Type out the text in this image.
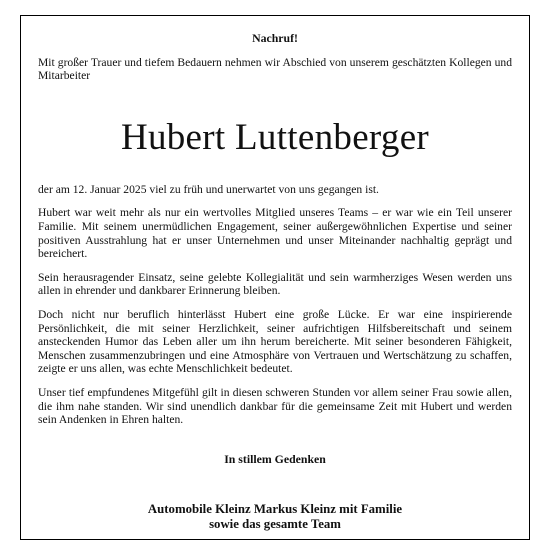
Nachruf!

Mit großer Trauer und tiefem Bedauern nehmen wir Abschied von unserem geschätzten Kollegen und Mitarbeiter

Hubert Luttenberger

der am 12. Januar 2025 viel zu früh und unerwartet von uns gegangen ist.

Hubert war weit mehr als nur ein wertvolles Mitglied unseres Teams – er war wie ein Teil unserer Familie. Mit seinem unermüdlichen Engagement, seiner außergewöhnlichen Expertise und seiner positiven Ausstrahlung hat er unser Unternehmen und unser Miteinander nachhaltig geprägt und bereichert.

Sein herausragender Einsatz, seine gelebte Kollegialität und sein warmherziges Wesen werden uns allen in ehrender und dankbarer Erinnerung bleiben.

Doch nicht nur beruflich hinterlässt Hubert eine große Lücke. Er war eine inspirierende Persönlichkeit, die mit seiner Herzlichkeit, seiner aufrichtigen Hilfsbereitschaft und seinem ansteckenden Humor das Leben aller um ihn herum bereicherte. Mit seiner besonderen Fähigkeit, Menschen zusammenzubringen und eine Atmosphäre von Vertrauen und Wertschätzung zu schaffen, zeigte er uns allen, was echte Menschlichkeit bedeutet.

Unser tief empfundenes Mitgefühl gilt in diesen schweren Stunden vor allem seiner Frau sowie allen, die ihm nahe standen. Wir sind unendlich dankbar für die gemeinsame Zeit mit Hubert und werden sein Andenken in Ehren halten.

In stillem Gedenken

Automobile Kleinz Markus Kleinz mit Familie
sowie das gesamte Team
